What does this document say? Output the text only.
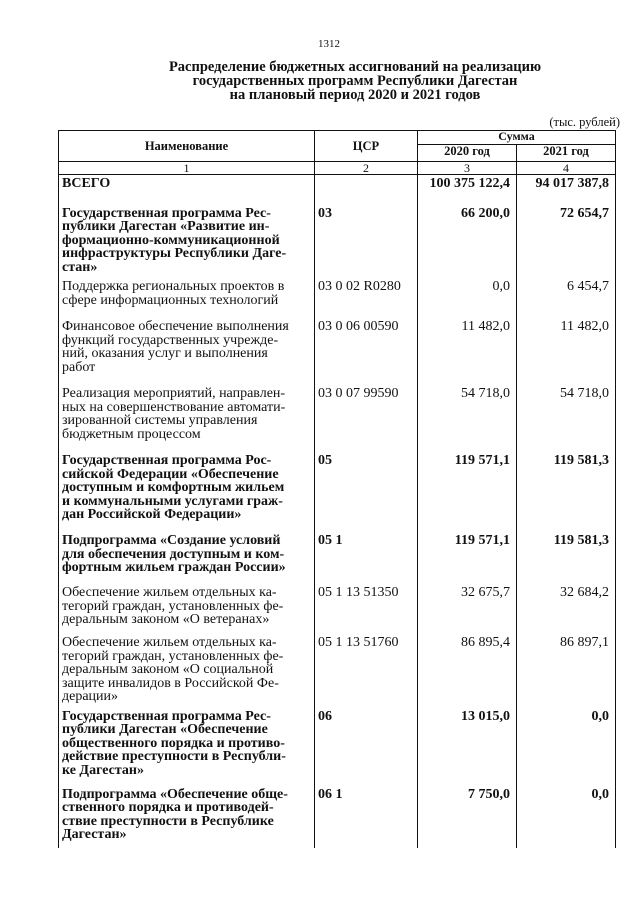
1312
Распределение бюджетных ассигнований на реализацию
государственных программ Республики Дагестан
на плановый период 2020 и 2021 годов
(тыс. рублей)
Наименование	ЦСР	Сумма	
		2020 год	2021 год
1	2	3	4
ВСЕГО		100 375 122,4	94 017 387,8
Государственная программа Рес-
публики Дагестан «Развитие ин-
формационно-коммуникационной
инфраструктуры Республики Даге-
стан»	03	66 200,0	72 654,7
Поддержка региональных проектов в
сфере информационных технологий	03 0 02 R0280	0,0	6 454,7
Финансовое обеспечение выполнения
функций государственных учрежде-
ний, оказания услуг и выполнения
работ	03 0 06 00590	11 482,0	11 482,0
Реализация мероприятий, направлен-
ных на совершенствование автомати-
зированной системы управления
бюджетным процессом	03 0 07 99590	54 718,0	54 718,0
Государственная программа Рос-
сийской Федерации «Обеспечение
доступным и комфортным жильем
и коммунальными услугами граж-
дан Российской Федерации»	05	119 571,1	119 581,3
Подпрограмма «Создание условий
для обеспечения доступным и ком-
фортным жильем граждан России»	05 1	119 571,1	119 581,3
Обеспечение жильем отдельных ка-
тегорий граждан, установленных фе-
деральным законом «О ветеранах»	05 1 13 51350	32 675,7	32 684,2
Обеспечение жильем отдельных ка-
тегорий граждан, установленных фе-
деральным законом «О социальной
защите инвалидов в Российской Фе-
дерации»	05 1 13 51760	86 895,4	86 897,1
Государственная программа Рес-
публики Дагестан «Обеспечение
общественного порядка и противо-
действие преступности в Республи-
ке Дагестан»	06	13 015,0	0,0
Подпрограмма «Обеспечение обще-
ственного порядка и противодей-
ствие преступности в Республике
Дагестан»	06 1	7 750,0	0,0
